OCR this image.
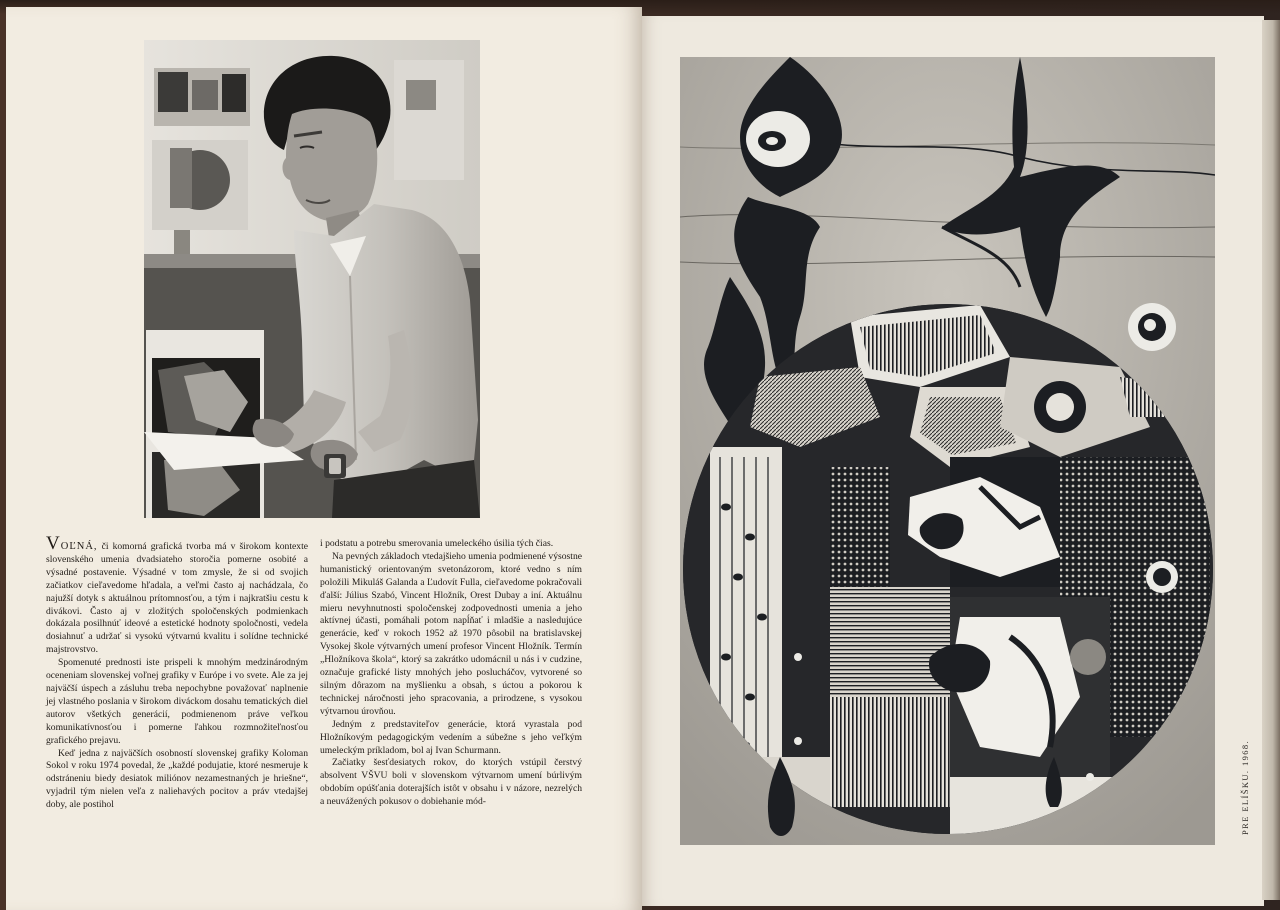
VOĽNÁ, či komorná grafická tvorba má v širokom kontexte slovenského umenia dvadsiateho storočia pomerne osobité a výsadné postavenie. Výsadné v tom zmysle, že si od svojich začiatkov cieľavedome hľadala, a veľmi často aj nachádzala, čo najužší dotyk s aktuálnou prítomnosťou, a tým i najkratšiu cestu k divákovi. Často aj v zložitých spoločenských podmienkach dokázala posilhnúť ideové a estetické hodnoty spoločnosti, vedela dosiahnuť a udržať si vysokú výtvarnú kvalitu i solídne technické majstrovstvo.

Spomenuté prednosti iste prispeli k mnohým medzinárodným oceneniam slovenskej voľnej grafiky v Európe i vo svete. Ale za jej najväčší úspech a zásluhu treba nepochybne považovať naplnenie jej vlastného poslania v širokom diváckom dosahu tematických diel autorov všetkých generácií, podmienenom práve veľkou komunikatívnosťou i pomerne ľahkou rozmnožiteľnosťou grafického prejavu.

Keď jedna z najväčších osobností slovenskej grafiky Koloman Sokol v roku 1974 povedal, že „každé podujatie, ktoré nesmeruje k odstráneniu biedy desiatok miliónov nezamestnaných je hriešne“, vyjadril tým nielen veľa z naliehavých pocitov a práv vtedajšej doby, ale postihol

i podstatu a potrebu smerovania umeleckého úsilia tých čias.

Na pevných základoch vtedajšieho umenia podmienené výsostne humanistický orientovaným svetonázorom, ktoré vedno s ním položili Mikuláš Galanda a Ľudovít Fulla, cieľavedome pokračovali ďalší: Július Szabó, Vincent Hložník, Orest Dubay a iní. Aktuálnu mieru nevyhnutnosti spoločenskej zodpovednosti umenia a jeho aktívnej účasti, pomáhali potom napĺňať i mladšie a nasledujúce generácie, keď v rokoch 1952 až 1970 pôsobil na bratislavskej Vysokej škole výtvarných umení profesor Vincent Hložník. Termín „Hložníkova škola“, ktorý sa zakrátko udomácnil u nás i v cudzine, označuje grafické listy mnohých jeho poslucháčov, vytvorené so silným dôrazom na myšlienku a obsah, s úctou a pokorou k technickej náročnosti jeho spracovania, a prirodzene, s vysokou výtvarnou úrovňou.

Jedným z predstaviteľov generácie, ktorá vyrastala pod Hložníkovým pedagogickým vedením a súbežne s jeho veľkým umeleckým príkladom, bol aj Ivan Schurmann.

Začiatky šesťdesiatych rokov, do ktorých vstúpil čerstvý absolvent VŠVU boli v slovenskom výtvarnom umení búrlivým obdobím opúšťania doterajších istôt v obsahu i v názore, nezrelých a neuvážených pokusov o dobiehanie mód-	PRE ELÍŠKU. 1968.
